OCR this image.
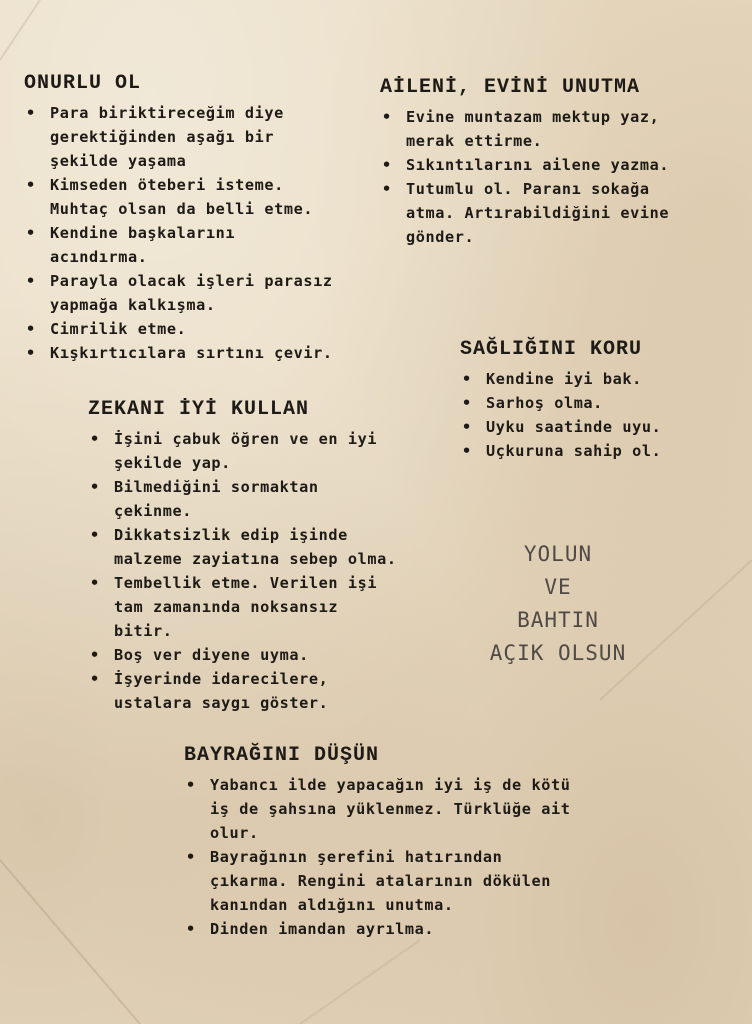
ONURLU OL
• Para biriktireceğim diye
gerektiğinden aşağı bir
şekilde yaşama
• Kimseden öteberi isteme.
Muhtaç olsan da belli etme.
• Kendine başkalarını
acındırma.
• Parayla olacak işleri parasız
yapmağa kalkışma.
• Cimrilik etme.
• Kışkırtıcılara sırtını çevir.
AİLENİ, EVİNİ UNUTMA
• Evine muntazam mektup yaz,
merak ettirme.
• Sıkıntılarını ailene yazma.
• Tutumlu ol. Paranı sokağa
atma. Artırabildiğini evine
gönder.
SAĞLIĞINI KORU
• Kendine iyi bak.
• Sarhoş olma.
• Uyku saatinde uyu.
• Uçkuruna sahip ol.
ZEKANI İYİ KULLAN
• İşini çabuk öğren ve en iyi
şekilde yap.
• Bilmediğini sormaktan
çekinme.
• Dikkatsizlik edip işinde
malzeme zayiatına sebep olma.
• Tembellik etme. Verilen işi
tam zamanında noksansız
bitir.
• Boş ver diyene uyma.
• İşyerinde idarecilere,
ustalara saygı göster.
YOLUN
VE
BAHTIN
AÇIK OLSUN
BAYRAĞINI DÜŞÜN
• Yabancı ilde yapacağın iyi iş de kötü
iş de şahsına yüklenmez. Türklüğe ait
olur.
• Bayrağının şerefini hatırından
çıkarma. Rengini atalarının dökülen
kanından aldığını unutma.
• Dinden imandan ayrılma.
